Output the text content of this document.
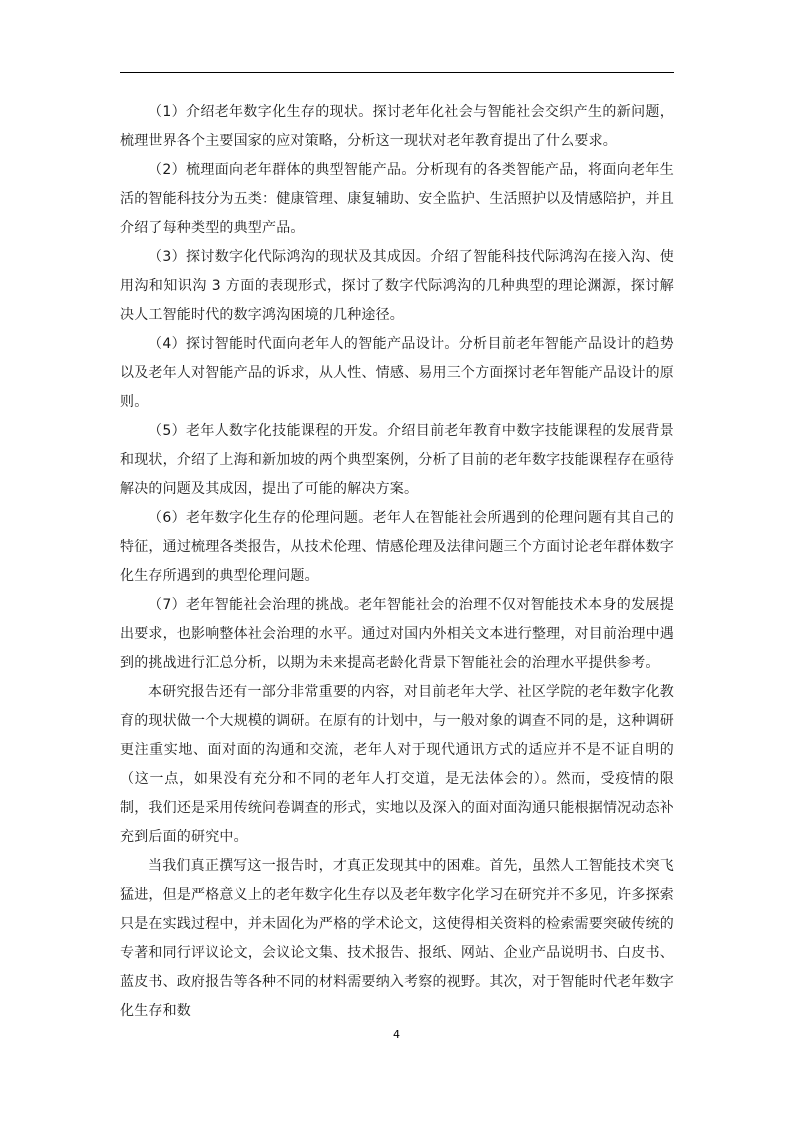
（1）介绍老年数字化生存的现状。探讨老年化社会与智能社会交织产生的新问题，梳理世界各个主要国家的应对策略，分析这一现状对老年教育提出了什么要求。

（2）梳理面向老年群体的典型智能产品。分析现有的各类智能产品，将面向老年生活的智能科技分为五类：健康管理、康复辅助、安全监护、生活照护以及情感陪护，并且介绍了每种类型的典型产品。

（3）探讨数字化代际鸿沟的现状及其成因。介绍了智能科技代际鸿沟在接入沟、使用沟和知识沟 3 方面的表现形式，探讨了数字代际鸿沟的几种典型的理论渊源，探讨解决人工智能时代的数字鸿沟困境的几种途径。

（4）探讨智能时代面向老年人的智能产品设计。分析目前老年智能产品设计的趋势以及老年人对智能产品的诉求，从人性、情感、易用三个方面探讨老年智能产品设计的原则。

（5）老年人数字化技能课程的开发。介绍目前老年教育中数字技能课程的发展背景和现状，介绍了上海和新加坡的两个典型案例，分析了目前的老年数字技能课程存在亟待解决的问题及其成因，提出了可能的解决方案。

（6）老年数字化生存的伦理问题。老年人在智能社会所遇到的伦理问题有其自己的特征，通过梳理各类报告，从技术伦理、情感伦理及法律问题三个方面讨论老年群体数字化生存所遇到的典型伦理问题。

（7）老年智能社会治理的挑战。老年智能社会的治理不仅对智能技术本身的发展提出要求，也影响整体社会治理的水平。通过对国内外相关文本进行整理，对目前治理中遇到的挑战进行汇总分析，以期为未来提高老龄化背景下智能社会的治理水平提供参考。

本研究报告还有一部分非常重要的内容，对目前老年大学、社区学院的老年数字化教育的现状做一个大规模的调研。在原有的计划中，与一般对象的调查不同的是，这种调研更注重实地、面对面的沟通和交流，老年人对于现代通讯方式的适应并不是不证自明的（这一点，如果没有充分和不同的老年人打交道，是无法体会的）。然而，受疫情的限制，我们还是采用传统问卷调查的形式，实地以及深入的面对面沟通只能根据情况动态补充到后面的研究中。

当我们真正撰写这一报告时，才真正发现其中的困难。首先，虽然人工智能技术突飞猛进，但是严格意义上的老年数字化生存以及老年数字化学习在研究并不多见，许多探索只是在实践过程中，并未固化为严格的学术论文，这使得相关资料的检索需要突破传统的专著和同行评议论文，会议论文集、技术报告、报纸、网站、企业产品说明书、白皮书、蓝皮书、政府报告等各种不同的材料需要纳入考察的视野。其次，对于智能时代老年数字化生存和数

4
